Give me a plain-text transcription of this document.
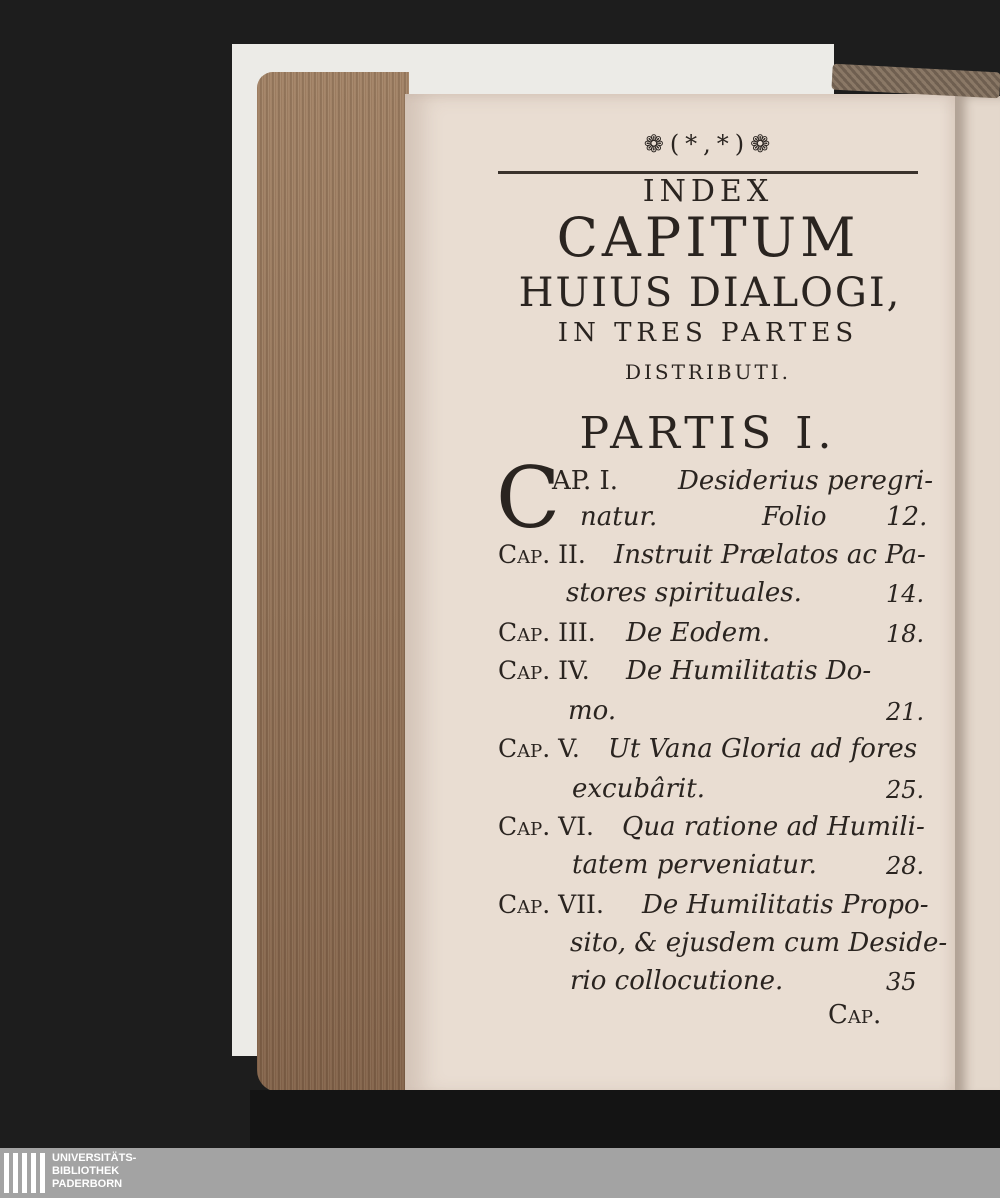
❁(*,*)❁
INDEX
CAPITUM
HUIUS DIALOGI,
IN TRES PARTES
DISTRIBUTI.
PARTIS I.
C
AP. I. Desiderius peregri-
natur.	Folio 12.
Cap. II. Instruit Prælatos ac Pa-
stores spirituales.	14.
Cap. III. De Eodem.	18.
Cap. IV. De Humilitatis Do-
mo.	21.
Cap. V. Ut Vana Gloria ad fores
excubârit.	25.
Cap. VI. Qua ratione ad Humili-
tatem perveniatur.	28.
Cap. VII. De Humilitatis Propo-
sito, & ejusdem cum Deside-
rio collocutione.	35
Cap.
UNIVERSITÄTS-
BIBLIOTHEK
PADERBORN
